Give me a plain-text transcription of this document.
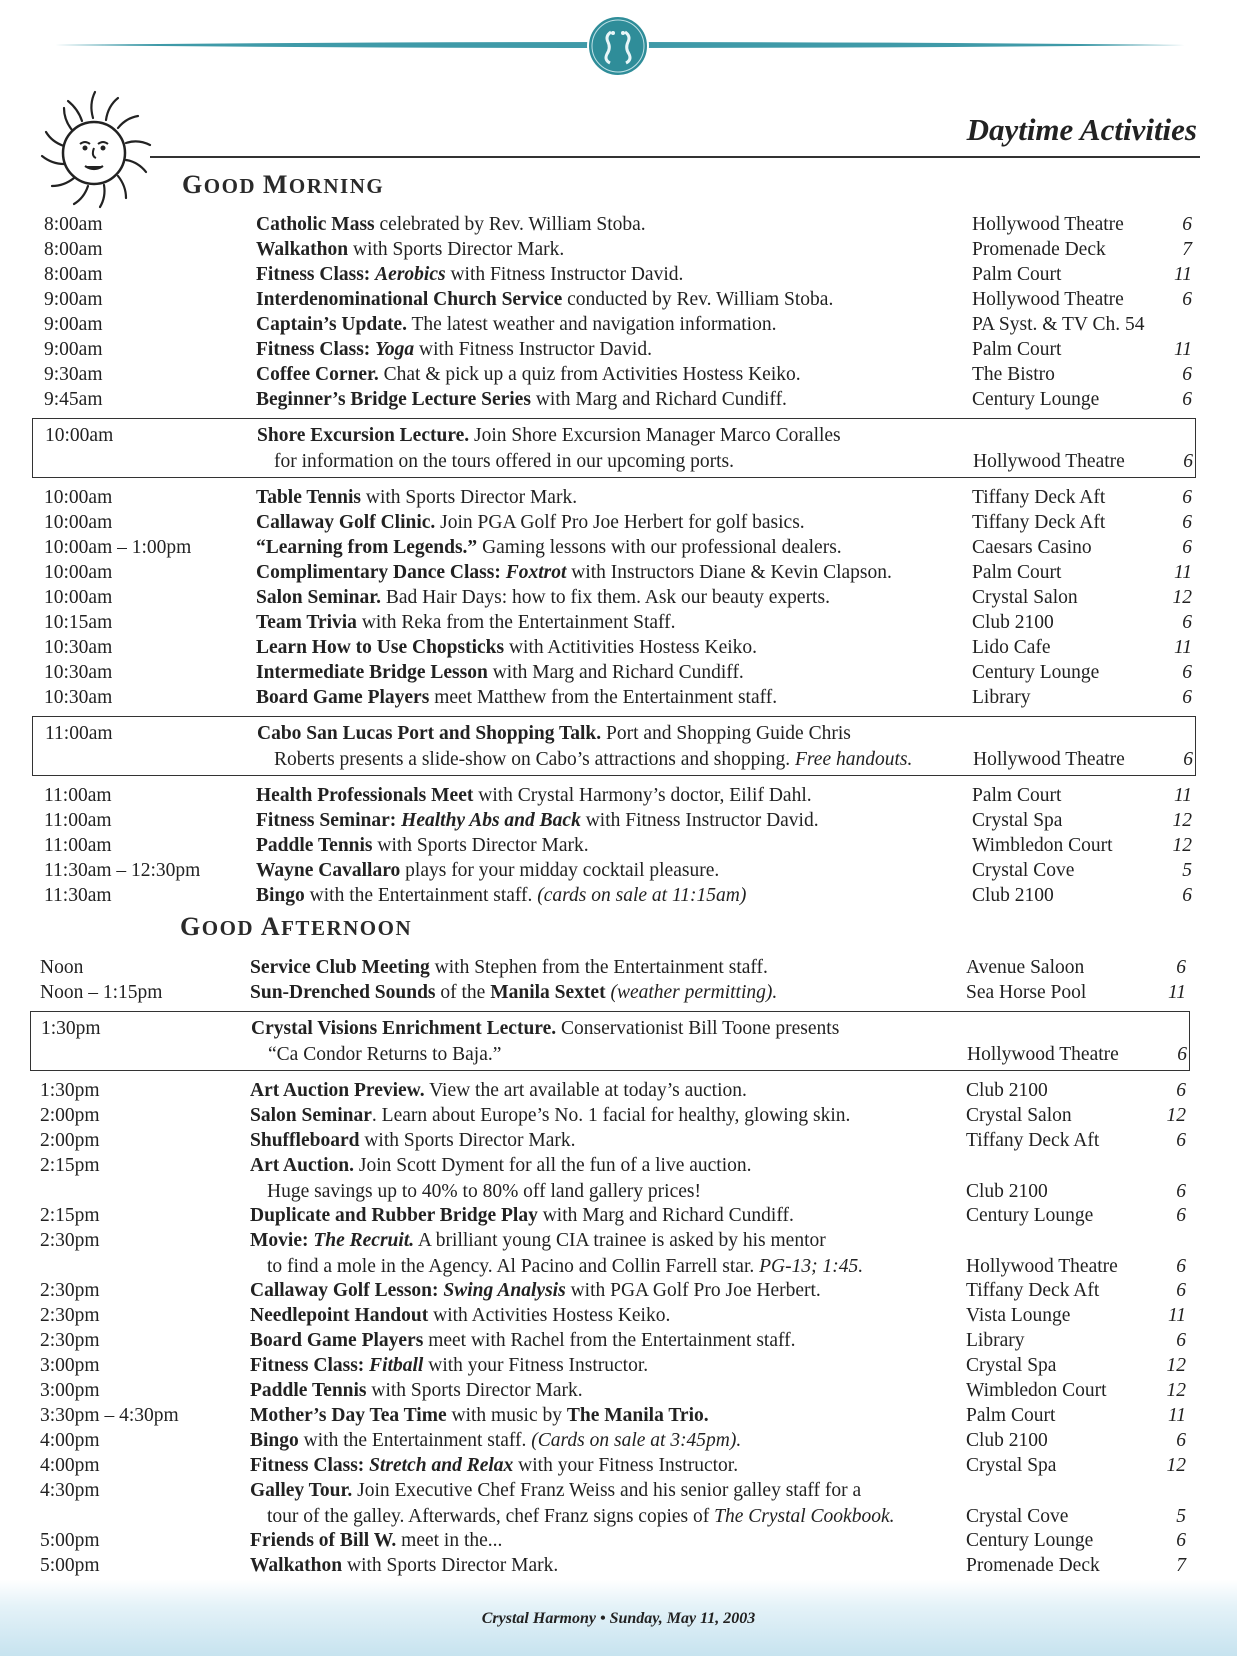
Daytime Activities
GOOD MORNING
GOOD AFTERNOON
8:00am	Catholic Mass celebrated by Rev. William Stoba.	Hollywood Theatre	6
8:00am	Walkathon with Sports Director Mark.	Promenade Deck	7
8:00am	Fitness Class: Aerobics with Fitness Instructor David.	Palm Court	11
9:00am	Interdenominational Church Service conducted by Rev. William Stoba.	Hollywood Theatre	6
9:00am	Captain’s Update. The latest weather and navigation information.	PA Syst. & TV Ch. 54
9:00am	Fitness Class: Yoga with Fitness Instructor David.	Palm Court	11
9:30am	Coffee Corner. Chat & pick up a quiz from Activities Hostess Keiko.	The Bistro	6
9:45am	Beginner’s Bridge Lecture Series with Marg and Richard Cundiff.	Century Lounge	6
10:00am	Shore Excursion Lecture. Join Shore Excursion Manager Marco Coralles
for information on the tours offered in our upcoming ports.	Hollywood Theatre	6
10:00am	Table Tennis with Sports Director Mark.	Tiffany Deck Aft	6
10:00am	Callaway Golf Clinic. Join PGA Golf Pro Joe Herbert for golf basics.	Tiffany Deck Aft	6
10:00am – 1:00pm	“Learning from Legends.” Gaming lessons with our professional dealers.	Caesars Casino	6
10:00am	Complimentary Dance Class: Foxtrot with Instructors Diane & Kevin Clapson.	Palm Court	11
10:00am	Salon Seminar. Bad Hair Days: how to fix them. Ask our beauty experts.	Crystal Salon	12
10:15am	Team Trivia with Reka from the Entertainment Staff.	Club 2100	6
10:30am	Learn How to Use Chopsticks with Actitivities Hostess Keiko.	Lido Cafe	11
10:30am	Intermediate Bridge Lesson with Marg and Richard Cundiff.	Century Lounge	6
10:30am	Board Game Players meet Matthew from the Entertainment staff.	Library	6
11:00am	Cabo San Lucas Port and Shopping Talk. Port and Shopping Guide Chris
Roberts presents a slide-show on Cabo’s attractions and shopping. Free handouts.	Hollywood Theatre	6
11:00am	Health Professionals Meet with Crystal Harmony’s doctor, Eilif Dahl.	Palm Court	11
11:00am	Fitness Seminar: Healthy Abs and Back with Fitness Instructor David.	Crystal Spa	12
11:00am	Paddle Tennis with Sports Director Mark.	Wimbledon Court	12
11:30am – 12:30pm	Wayne Cavallaro plays for your midday cocktail pleasure.	Crystal Cove	5
11:30am	Bingo with the Entertainment staff. (cards on sale at 11:15am)	Club 2100	6
Noon	Service Club Meeting with Stephen from the Entertainment staff.	Avenue Saloon	6
Noon – 1:15pm	Sun-Drenched Sounds of the Manila Sextet (weather permitting).	Sea Horse Pool	11
1:30pm	Crystal Visions Enrichment Lecture. Conservationist Bill Toone presents
“Ca Condor Returns to Baja.”	Hollywood Theatre	6
1:30pm	Art Auction Preview. View the art available at today’s auction.	Club 2100	6
2:00pm	Salon Seminar. Learn about Europe’s No. 1 facial for healthy, glowing skin.	Crystal Salon	12
2:00pm	Shuffleboard with Sports Director Mark.	Tiffany Deck Aft	6
2:15pm	Art Auction. Join Scott Dyment for all the fun of a live auction.
Huge savings up to 40% to 80% off land gallery prices!	Club 2100	6
2:15pm	Duplicate and Rubber Bridge Play with Marg and Richard Cundiff.	Century Lounge	6
2:30pm	Movie: The Recruit. A brilliant young CIA trainee is asked by his mentor
to find a mole in the Agency. Al Pacino and Collin Farrell star. PG-13; 1:45.	Hollywood Theatre	6
2:30pm	Callaway Golf Lesson: Swing Analysis with PGA Golf Pro Joe Herbert.	Tiffany Deck Aft	6
2:30pm	Needlepoint Handout with Activities Hostess Keiko.	Vista Lounge	11
2:30pm	Board Game Players meet with Rachel from the Entertainment staff.	Library	6
3:00pm	Fitness Class: Fitball with your Fitness Instructor.	Crystal Spa	12
3:00pm	Paddle Tennis with Sports Director Mark.	Wimbledon Court	12
3:30pm – 4:30pm	Mother’s Day Tea Time with music by The Manila Trio.	Palm Court	11
4:00pm	Bingo with the Entertainment staff. (Cards on sale at 3:45pm).	Club 2100	6
4:00pm	Fitness Class: Stretch and Relax with your Fitness Instructor.	Crystal Spa	12
4:30pm	Galley Tour. Join Executive Chef Franz Weiss and his senior galley staff for a
tour of the galley. Afterwards, chef Franz signs copies of The Crystal Cookbook.	Crystal Cove	5
5:00pm	Friends of Bill W. meet in the...	Century Lounge	6
5:00pm	Walkathon with Sports Director Mark.	Promenade Deck	7
Crystal Harmony • Sunday, May 11, 2003
